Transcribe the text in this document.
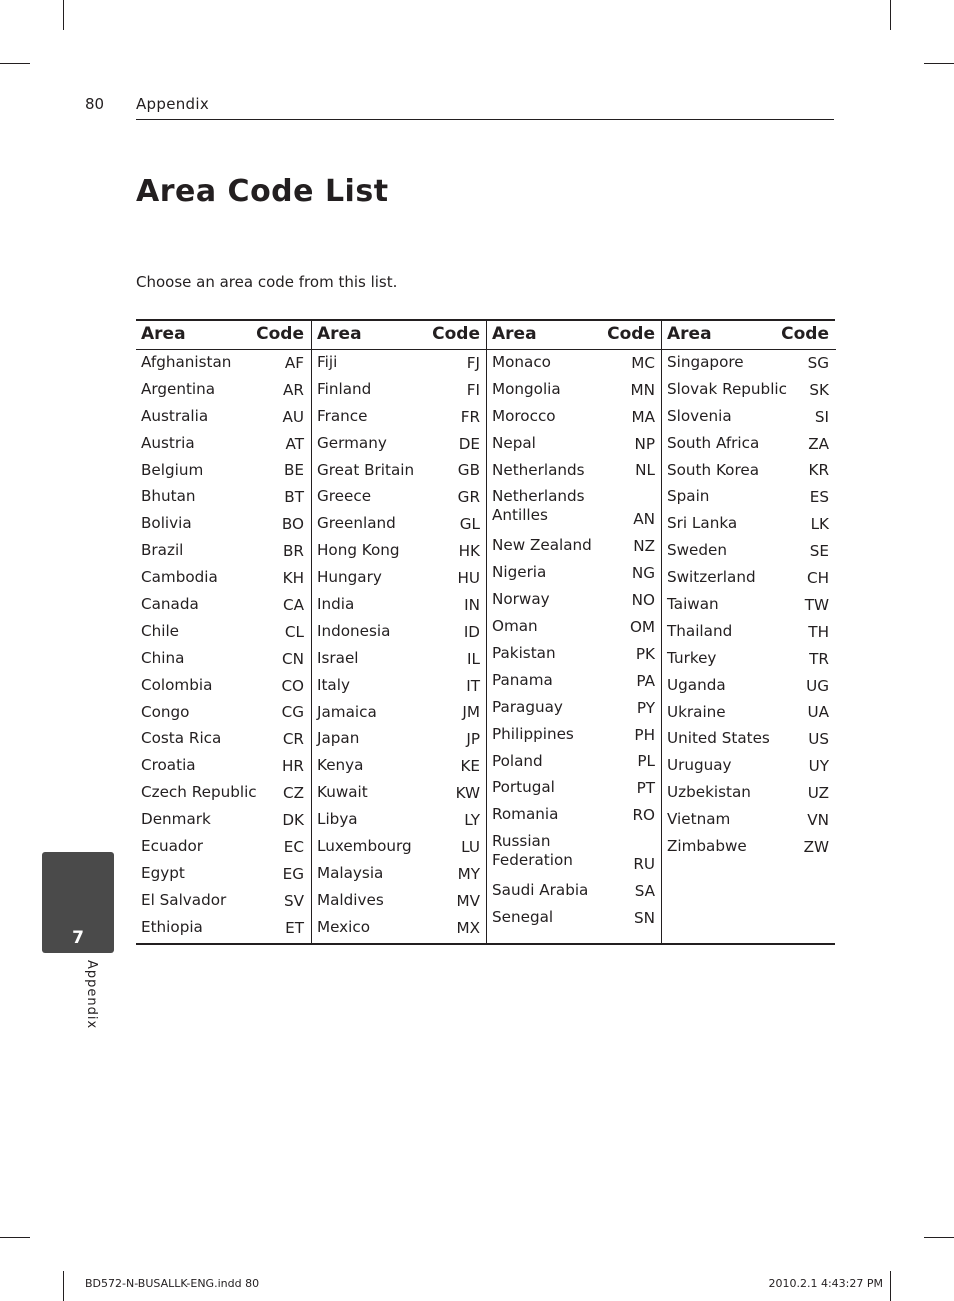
80 Appendix
Area Code List
Choose an area code from this list.
Area	Code
Afghanistan	AF
Argentina	AR
Australia	AU
Austria	AT
Belgium	BE
Bhutan	BT
Bolivia	BO
Brazil	BR
Cambodia	KH
Canada	CA
Chile	CL
China	CN
Colombia	CO
Congo	CG
Costa Rica	CR
Croatia	HR
Czech Republic CZ
Denmark	DK
Ecuador	EC
Egypt	EG
El Salvador	SV
Ethiopia	ET
Area	Code
Fiji	FJ
Finland	FI
France	FR
Germany	DE
Great Britain	GB
Greece	GR
Greenland	GL
Hong Kong	HK
Hungary	HU
India	IN
Indonesia	ID
Israel	IL
Italy	IT
Jamaica	JM
Japan	JP
Kenya	KE
Kuwait	KW
Libya	LY
Luxembourg	LU
Malaysia	MY
Maldives	MV
Mexico	MX
Area	Code
Monaco	MC
Mongolia	MN
Morocco	MA
Nepal	NP
Netherlands	NL
Netherlands Antilles	AN
New Zealand	NZ
Nigeria	NG
Norway	NO
Oman	OM
Pakistan	PK
Panama	PA
Paraguay	PY
Philippines	PH
Poland	PL
Portugal	PT
Romania	RO
Russian Federation	RU
Saudi Arabia	SA
Senegal	SN
Area	Code
Singapore	SG
Slovak Republic SK
Slovenia	SI
South Africa	ZA
South Korea	KR
Spain	ES
Sri Lanka	LK
Sweden	SE
Switzerland	CH
Taiwan	TW
Thailand	TH
Turkey	TR
Uganda	UG
Ukraine	UA
United States	US
Uruguay	UY
Uzbekistan	UZ
Vietnam	VN
Zimbabwe	ZW
7
Appendix
BD572-N-BUSALLK-ENG.indd 80	2010.2.1 4:43:27 PM
